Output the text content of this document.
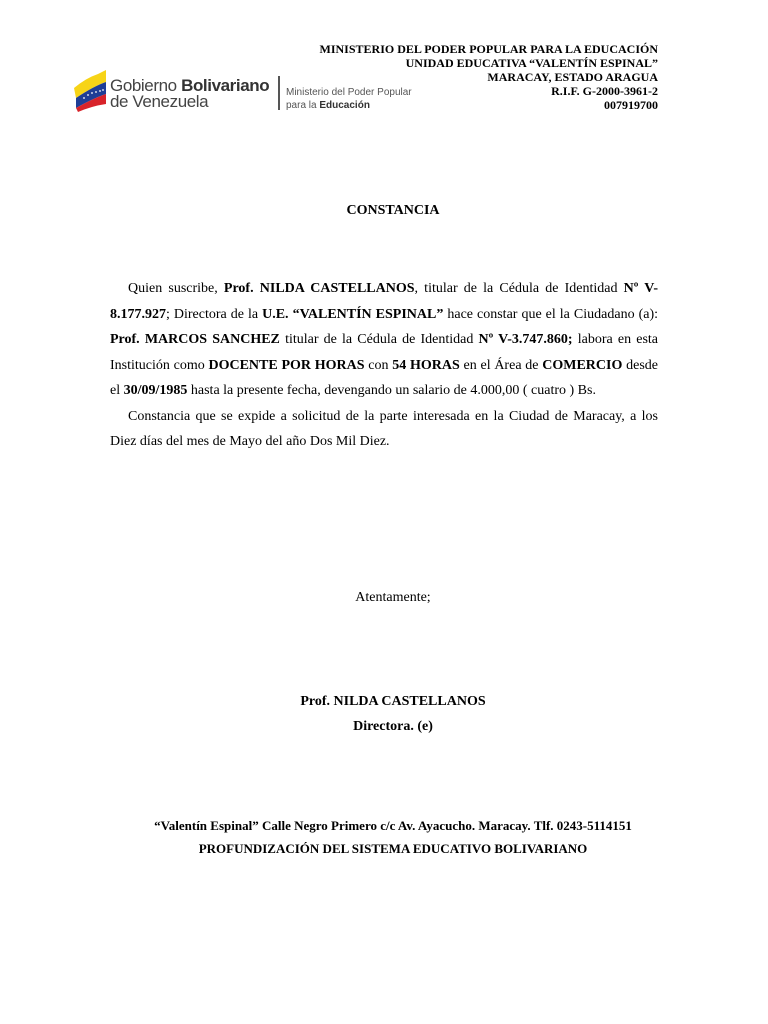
Gobierno Bolivariano
de Venezuela	Ministerio del Poder Popular
para la Educación
MINISTERIO DEL PODER POPULAR PARA LA EDUCACIÓN
UNIDAD EDUCATIVA “VALENTÍN ESPINAL”
MARACAY, ESTADO ARAGUA
R.I.F. G-2000-3961-2
007919700
CONSTANCIA

Quien suscribe, Prof. NILDA CASTELLANOS, titular de la Cédula de Identidad Nº V- 8.177.927; Directora de la U.E. “VALENTÍN ESPINAL” hace constar que el la Ciudadano (a): Prof. MARCOS SANCHEZ titular de la Cédula de Identidad Nº V-3.747.860; labora en esta Institución como DOCENTE POR HORAS con 54 HORAS en el Área de COMERCIO desde el 30/09/1985 hasta la presente fecha, devengando un salario de 4.000,00 ( cuatro ) Bs.

Constancia que se expide a solicitud de la parte interesada en la Ciudad de Maracay, a los Diez días del mes de Mayo del año Dos Mil Diez.

Atentamente;
Prof. NILDA CASTELLANOS
Directora. (e)
“Valentín Espinal” Calle Negro Primero c/c Av. Ayacucho. Maracay. Tlf. 0243-5114151
PROFUNDIZACIÓN DEL SISTEMA EDUCATIVO BOLIVARIANO
